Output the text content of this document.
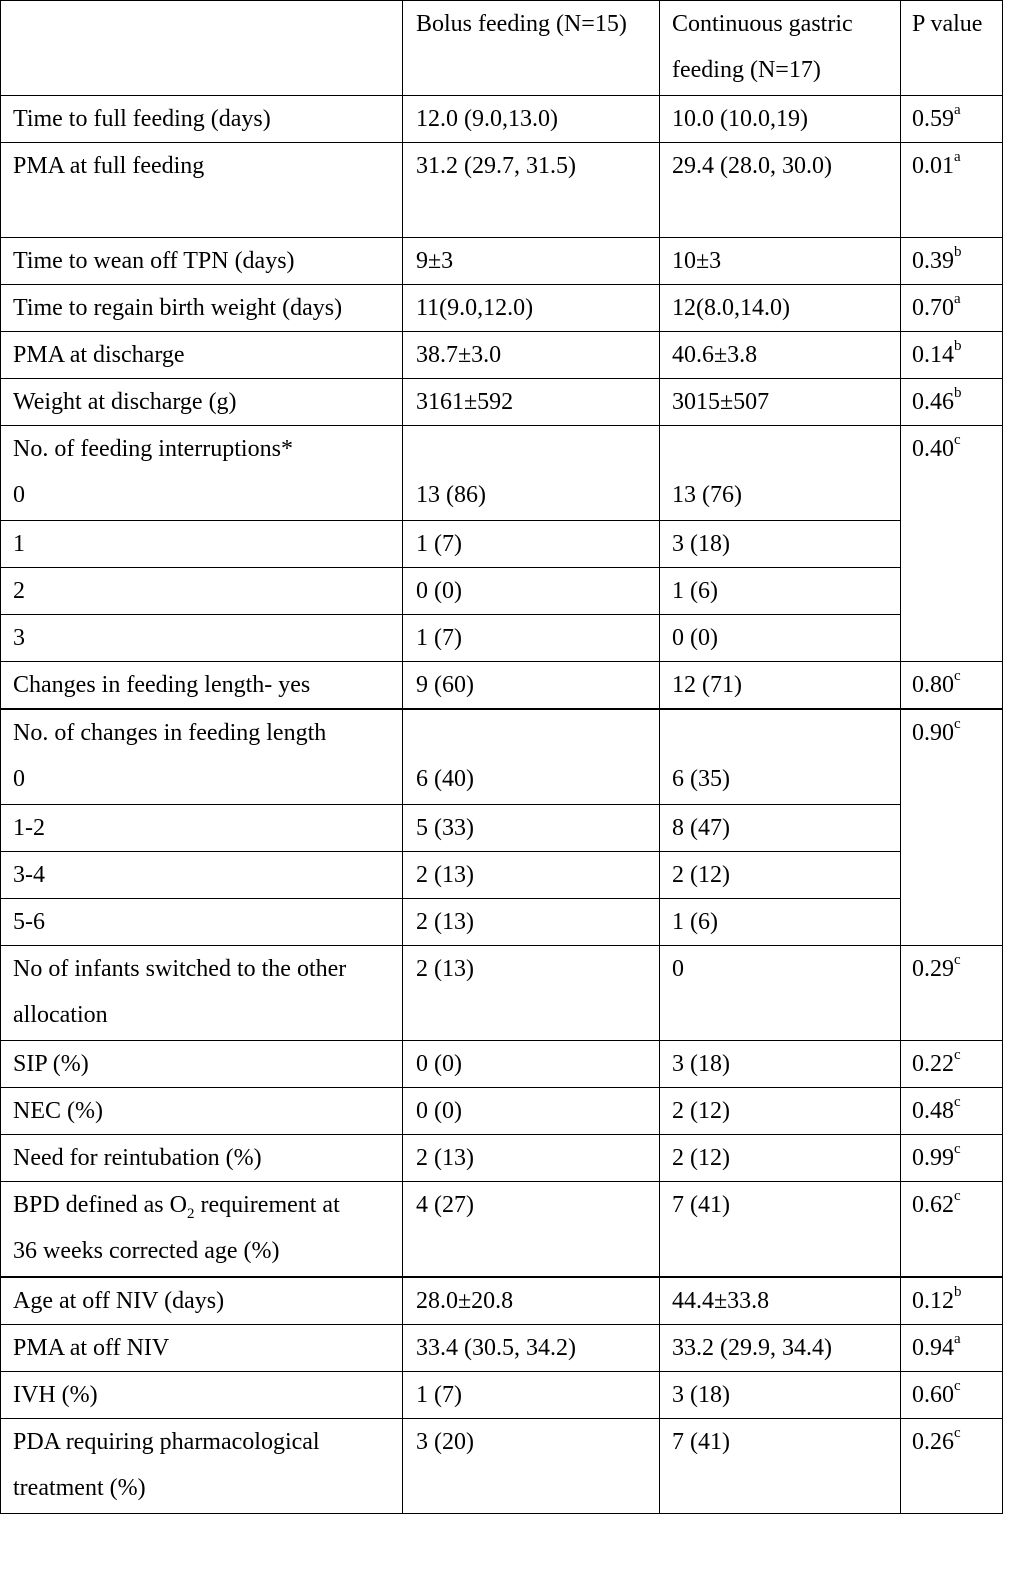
	Bolus feeding (N=15)	Continuous gastric
feeding (N=17)	P value
Time to full feeding (days)	12.0 (9.0,13.0)	10.0 (10.0,19)	0.59$^a$
PMA at full feeding	31.2 (29.7, 31.5)	29.4 (28.0, 30.0)	0.01$^a$
Time to wean off TPN (days)	9±3	10±3	0.39$^b$
Time to regain birth weight (days)	11(9.0,12.0)	12(8.0,14.0)	0.70$^a$
PMA at discharge	38.7±3.0	40.6±3.8	0.14$^b$
Weight at discharge (g)	3161±592	3015±507	0.46$^b$

No. of feeding interruptions*
0	13 (86)	13 (76)	0.40$^c$
1	1 (7)	3 (18)	
2	0 (0)	1 (6)	
3	1 (7)	0 (0)	
Changes in feeding length- yes	9 (60)	12 (71)	0.80$^c$

No. of changes in feeding length
0	6 (40)	6 (35)	0.90$^c$
1-2	5 (33)	8 (47)	
3-4	2 (13)	2 (12)	
5-6	2 (13)	1 (6)	

No of infants switched to the other
allocation	2 (13)	0	0.29$^c$
SIP (%)	0 (0)	3 (18)	0.22$^c$
NEC (%)	0 (0)	2 (12)	0.48$^c$
Need for reintubation (%)	2 (13)	2 (12)	0.99$^c$

BPD defined as $O_2$ requirement at
36 weeks corrected age (%)	4 (27)	7 (41)	0.62$^c$
Age at off NIV (days)	28.0±20.8	44.4±33.8	0.12$^b$
PMA at off NIV	33.4 (30.5, 34.2)	33.2 (29.9, 34.4)	0.94$^a$
IVH (%)	1 (7)	3 (18)	0.60$^c$

PDA requiring pharmacological
treatment (%)	3 (20)	7 (41)	0.26$^c$
